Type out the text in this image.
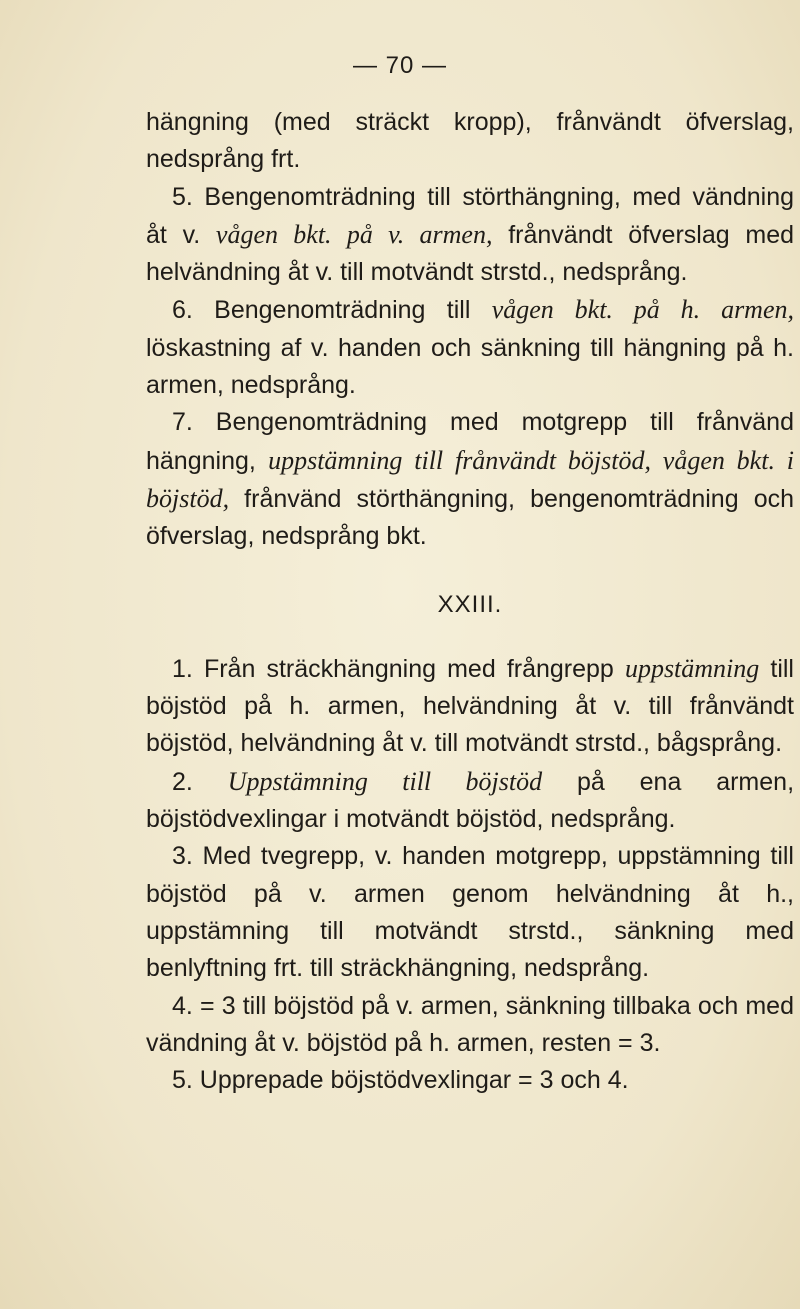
— 70 —

hängning (med sträckt kropp), frånvändt öfverslag, nedsprång frt.

5. Bengenomträdning till störthängning, med vändning åt v. vågen bkt. på v. armen, frånvändt öfverslag med helvändning åt v. till motvändt strstd., nedsprång.

6. Bengenomträdning till vågen bkt. på h. armen, löskastning af v. handen och sänkning till hängning på h. armen, nedsprång.

7. Bengenomträdning med motgrepp till frånvänd hängning, uppstämning till frånvändt böjstöd, vågen bkt. i böjstöd, frånvänd störthängning, bengenomträdning och öfverslag, nedsprång bkt.

XXIII.

1. Från sträckhängning med frångrepp uppstämning till böjstöd på h. armen, helvändning åt v. till frånvändt böjstöd, helvändning åt v. till motvändt strstd., bågsprång.

2. Uppstämning till böjstöd på ena armen, böjstödvexlingar i motvändt böjstöd, nedsprång.

3. Med tvegrepp, v. handen motgrepp, uppstämning till böjstöd på v. armen genom helvändning åt h., uppstämning till motvändt strstd., sänkning med benlyftning frt. till sträckhängning, nedsprång.

4. = 3 till böjstöd på v. armen, sänkning tillbaka och med vändning åt v. böjstöd på h. armen, resten = 3.

5. Upprepade böjstödvexlingar = 3 och 4.
